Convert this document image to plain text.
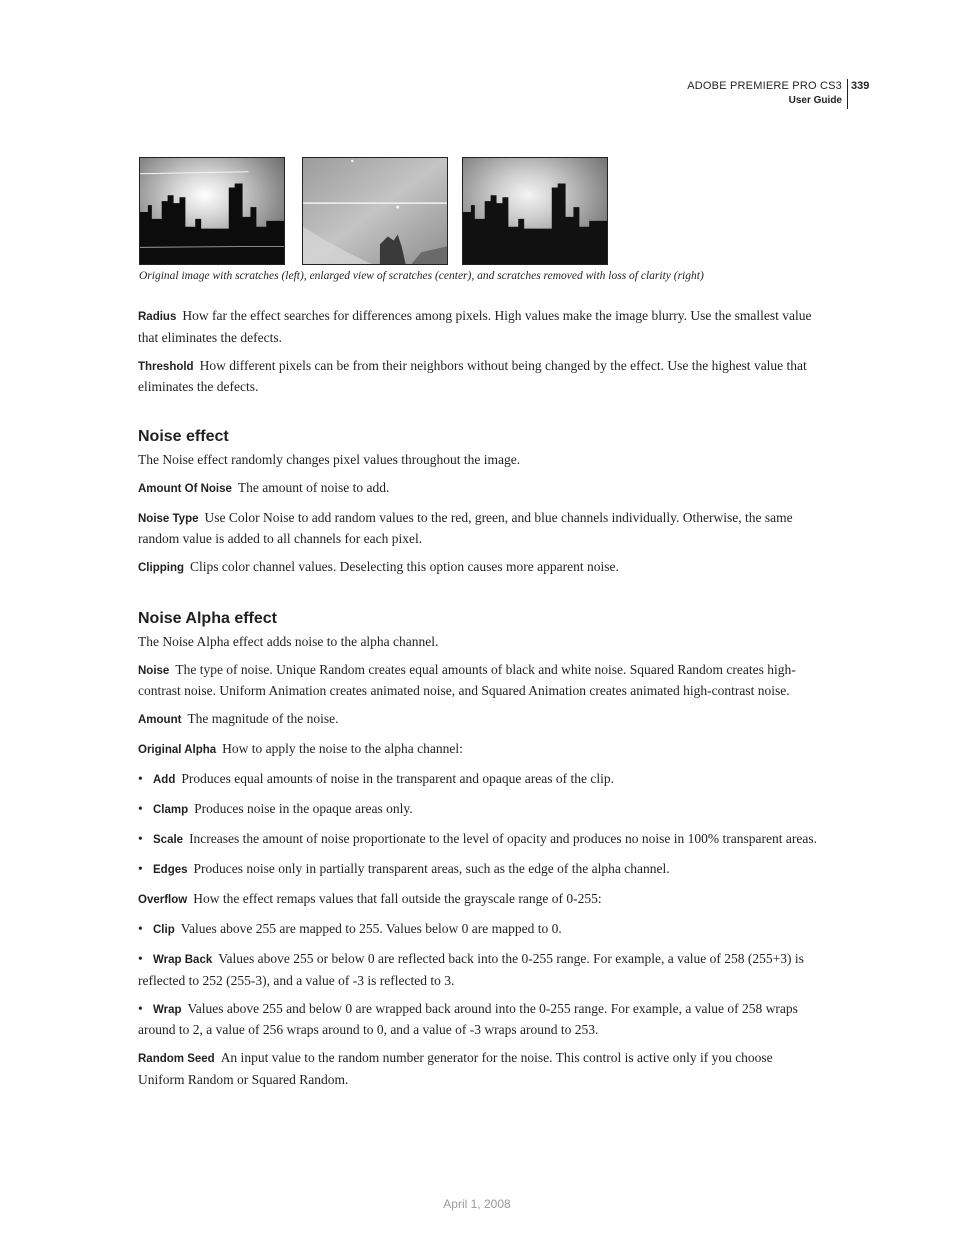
ADOBE PREMIERE PRO CS3
User Guide
339
Original image with scratches (left), enlarged view of scratches (center), and scratches removed with loss of clarity (right)

Radius How far the effect searches for differences among pixels. High values make the image blurry. Use the smallest value that eliminates the defects.

Threshold How different pixels can be from their neighbors without being changed by the effect. Use the highest value that eliminates the defects.

Noise effect

The Noise effect randomly changes pixel values throughout the image.

Amount Of Noise The amount of noise to add.

Noise Type Use Color Noise to add random values to the red, green, and blue channels individually. Otherwise, the same random value is added to all channels for each pixel.

Clipping Clips color channel values. Deselecting this option causes more apparent noise.

Noise Alpha effect

The Noise Alpha effect adds noise to the alpha channel.

Noise The type of noise. Unique Random creates equal amounts of black and white noise. Squared Random creates high-contrast noise. Uniform Animation creates animated noise, and Squared Animation creates animated high-contrast noise.

Amount The magnitude of the noise.

Original Alpha How to apply the noise to the alpha channel:

• Add Produces equal amounts of noise in the transparent and opaque areas of the clip.

• Clamp Produces noise in the opaque areas only.

• Scale Increases the amount of noise proportionate to the level of opacity and produces no noise in 100% transparent areas.

• Edges Produces noise only in partially transparent areas, such as the edge of the alpha channel.

Overflow How the effect remaps values that fall outside the grayscale range of 0-255:

• Clip Values above 255 are mapped to 255. Values below 0 are mapped to 0.

• Wrap Back Values above 255 or below 0 are reflected back into the 0-255 range. For example, a value of 258 (255+3) is reflected to 252 (255-3), and a value of -3 is reflected to 3.

• Wrap Values above 255 and below 0 are wrapped back around into the 0-255 range. For example, a value of 258 wraps around to 2, a value of 256 wraps around to 0, and a value of -3 wraps around to 253.

Random Seed An input value to the random number generator for the noise. This control is active only if you choose Uniform Random or Squared Random.

April 1, 2008
